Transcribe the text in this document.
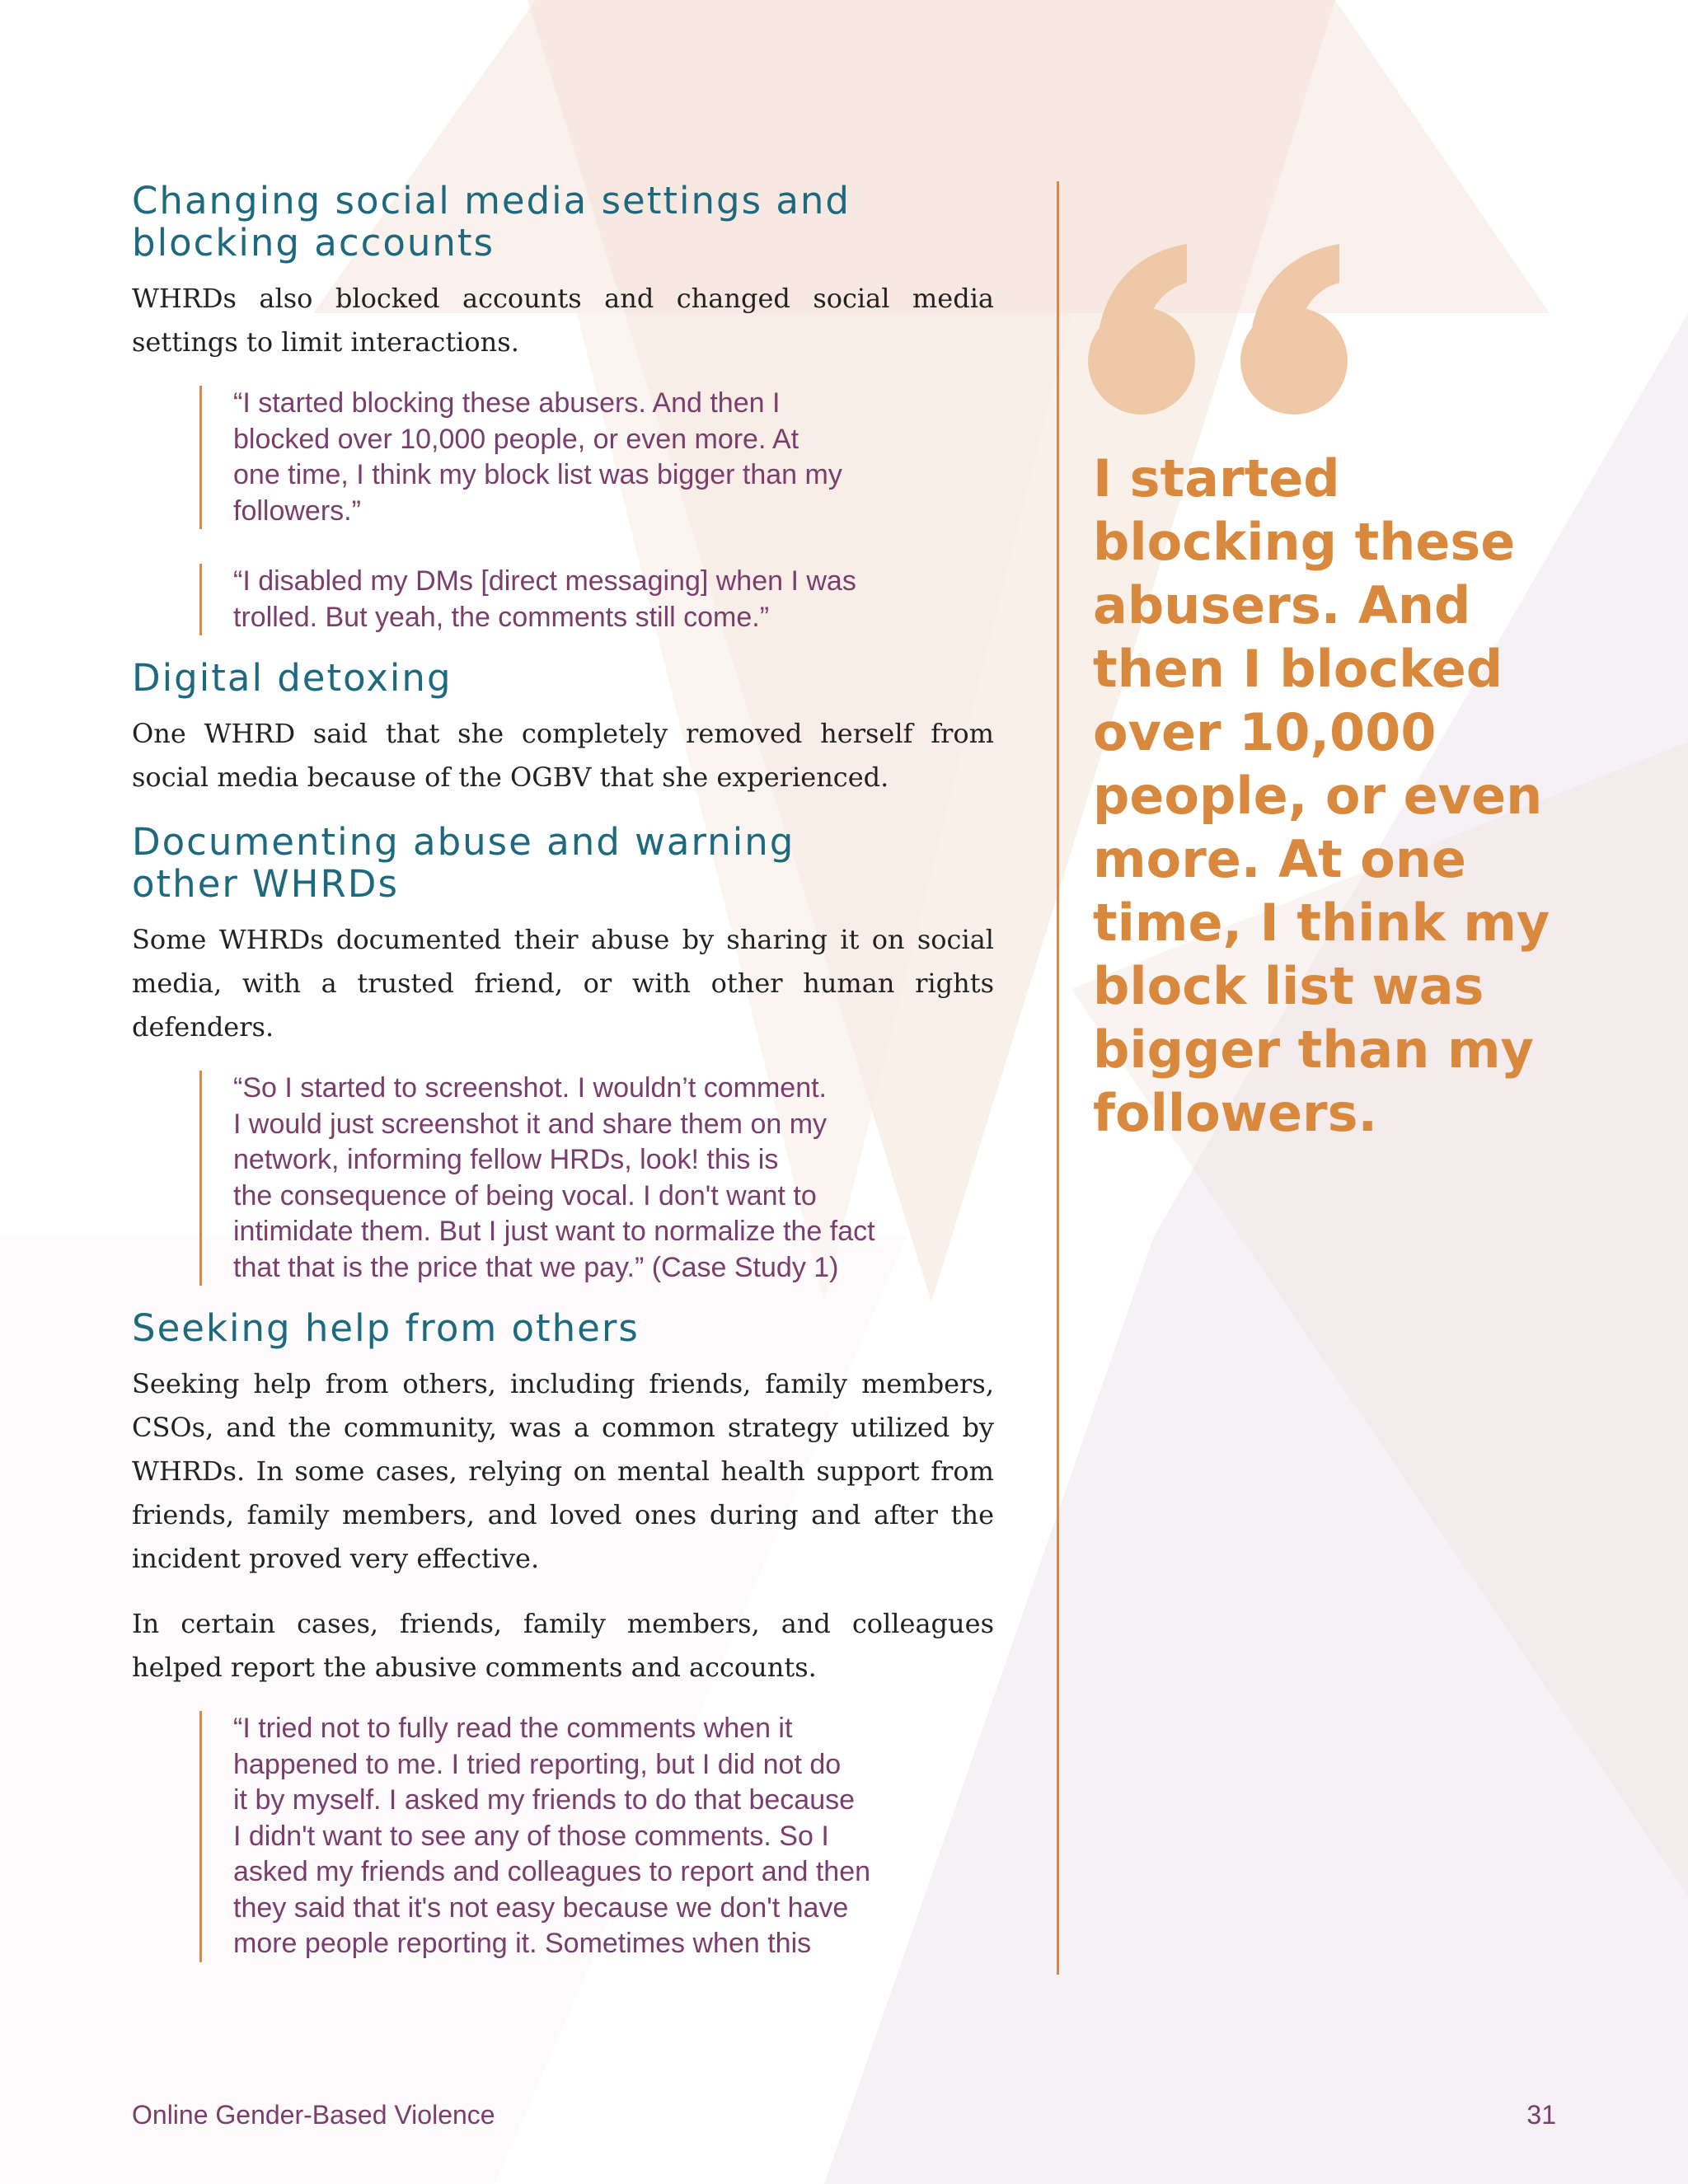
Changing social media settings and
blocking accounts

WHRDs also blocked accounts and changed social media settings to limit interactions.

“I started blocking these abusers. And then I
blocked over 10,000 people, or even more. At
one time, I think my block list was bigger than my
followers.”
“I disabled my DMs [direct messaging] when I was
trolled. But yeah, the comments still come.”
Digital detoxing

One WHRD said that she completely removed herself from social media because of the OGBV that she experienced.

Documenting abuse and warning
other WHRDs

Some WHRDs documented their abuse by sharing it on social media, with a trusted friend, or with other human rights defenders.

“So I started to screenshot. I wouldn’t comment.
I would just screenshot it and share them on my
network, informing fellow HRDs, look! this is
the consequence of being vocal. I don't want to
intimidate them. But I just want to normalize the fact
that that is the price that we pay.” (Case Study 1)
Seeking help from others

Seeking help from others, including friends, family members, CSOs, and the community, was a common strategy utilized by WHRDs. In some cases, relying on mental health support from friends, family members, and loved ones during and after the incident proved very effective.

In certain cases, friends, family members, and colleagues helped report the abusive comments and accounts.

“I tried not to fully read the comments when it
happened to me. I tried reporting, but I did not do
it by myself. I asked my friends to do that because
I didn't want to see any of those comments. So I
asked my friends and colleagues to report and then
they said that it's not easy because we don't have
more people reporting it. Sometimes when this
I started
blocking these
abusers. And
then I blocked
over 10,000
people, or even
more. At one
time, I think my
block list was
bigger than my
followers.
Online Gender-Based Violence	31
